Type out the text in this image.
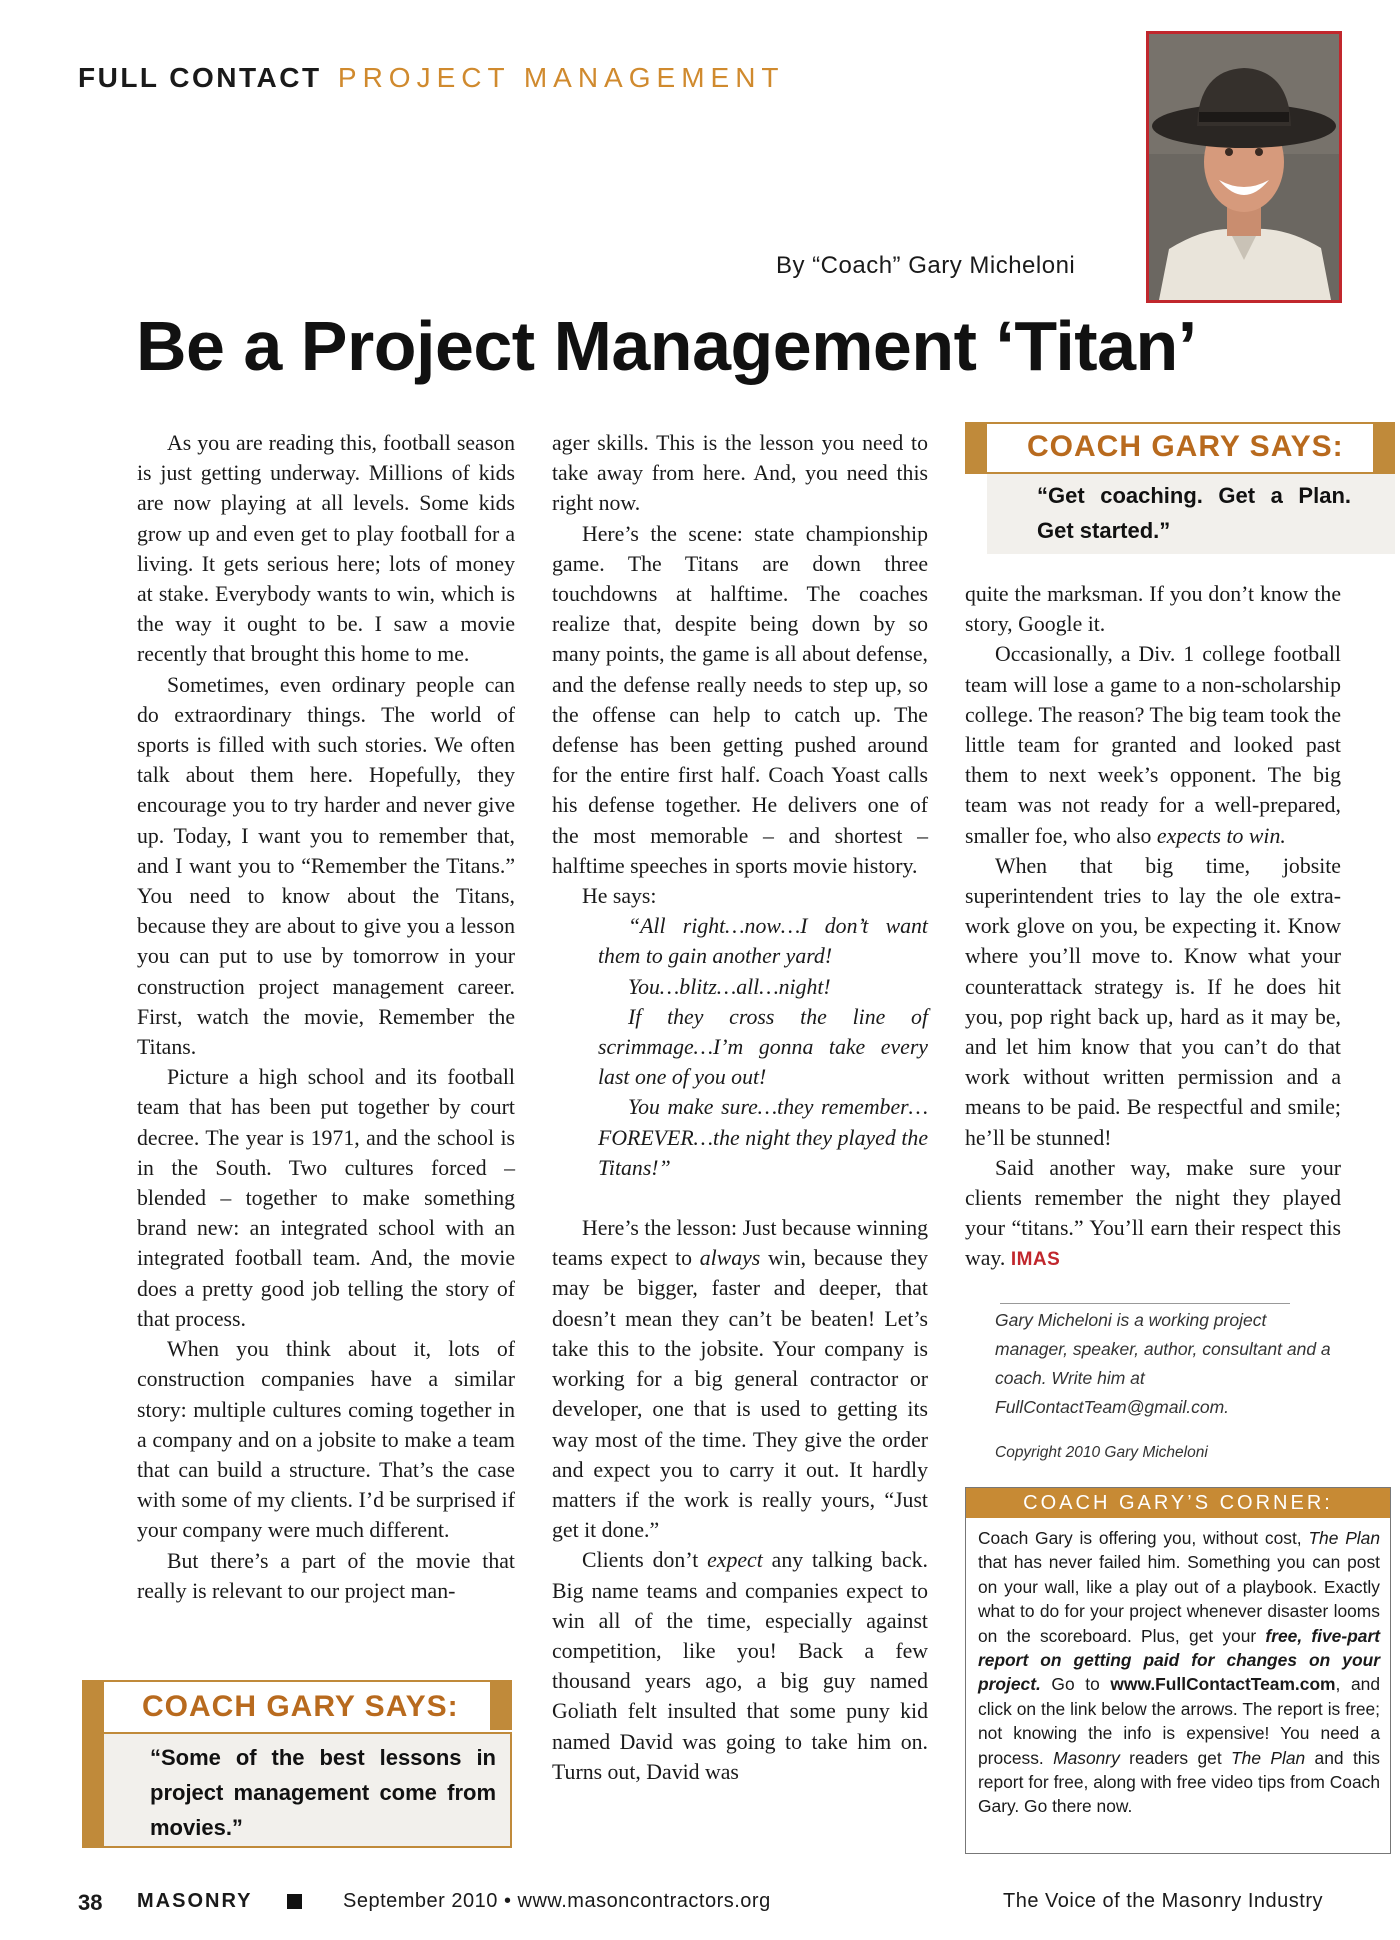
FULL CONTACT PROJECT MANAGEMENT
By “Coach” Gary Micheloni
Be a Project Management ‘Titan’

As you are reading this, football season is just getting underway. Millions of kids are now playing at all levels. Some kids grow up and even get to play football for a living. It gets serious here; lots of money at stake. Everybody wants to win, which is the way it ought to be. I saw a movie recently that brought this home to me.

Sometimes, even ordinary people can do extraordinary things. The world of sports is filled with such stories. We often talk about them here. Hopefully, they encourage you to try harder and never give up. Today, I want you to remember that, and I want you to “Remember the Titans.” You need to know about the Titans, because they are about to give you a lesson you can put to use by tomorrow in your construction project management career. First, watch the movie, Remember the Titans.

Picture a high school and its football team that has been put together by court decree. The year is 1971, and the school is in the South. Two cultures forced – blended – together to make something brand new: an integrated school with an integrated football team. And, the movie does a pretty good job telling the story of that process.

When you think about it, lots of construction companies have a similar story: multiple cultures coming together in a company and on a jobsite to make a team that can build a structure. That’s the case with some of my clients. I’d be surprised if your company were much different.

But there’s a part of the movie that really is relevant to our project man-

ager skills. This is the lesson you need to take away from here. And, you need this right now.

Here’s the scene: state championship game. The Titans are down three touchdowns at halftime. The coaches realize that, despite being down by so many points, the game is all about defense, and the defense really needs to step up, so the offense can help to catch up. The defense has been getting pushed around for the entire first half. Coach Yoast calls his defense together. He delivers one of the most memorable – and shortest – halftime speeches in sports movie history.

He says:

“All right…now…I don’t want them to gain another yard!
You…blitz…all…night!
If they cross the line of scrimmage…I’m gonna take every last one of you out!
You make sure…they remember…FOREVER…the night they played the Titans!”

Here’s the lesson: Just because winning teams expect to always win, because they may be bigger, faster and deeper, that doesn’t mean they can’t be beaten! Let’s take this to the jobsite. Your company is working for a big general contractor or developer, one that is used to getting its way most of the time. They give the order and expect you to carry it out. It hardly matters if the work is really yours, “Just get it done.”

Clients don’t expect any talking back. Big name teams and companies expect to win all of the time, especially against competition, like you! Back a few thousand years ago, a big guy named Goliath felt insulted that some puny kid named David was going to take him on. Turns out, David was

COACH GARY SAYS:
“Get coaching. Get a Plan. Get started.”

quite the marksman. If you don’t know the story, Google it.

Occasionally, a Div. 1 college football team will lose a game to a non-scholarship college. The reason? The big team took the little team for granted and looked past them to next week’s opponent. The big team was not ready for a well-prepared, smaller foe, who also expects to win.

When that big time, jobsite superintendent tries to lay the ole extra-work glove on you, be expecting it. Know where you’ll move to. Know what your counterattack strategy is. If he does hit you, pop right back up, hard as it may be, and let him know that you can’t do that work without written permission and a means to be paid. Be respectful and smile; he’ll be stunned!

Said another way, make sure your clients remember the night they played your “titans.” You’ll earn their respect this way. IMAS

Gary Micheloni is a working project manager, speaker, author, consultant and a coach. Write him at FullContactTeam@gmail.com.
Copyright 2010 Gary Micheloni
COACH GARY’S CORNER:
Coach Gary is offering you, without cost, The Plan that has never failed him. Something you can post on your wall, like a play out of a playbook. Exactly what to do for your project whenever disaster looms on the scoreboard. Plus, get your free, five-part report on getting paid for changes on your project. Go to www.FullContactTeam.com, and click on the link below the arrows. The report is free; not knowing the info is expensive! You need a process. Masonry readers get The Plan and this report for free, along with free video tips from Coach Gary. Go there now.
COACH GARY SAYS:
“Some of the best lessons in project management come from movies.”
38 MASONRY	September 2010 • www.masoncontractors.org	The Voice of the Masonry Industry
